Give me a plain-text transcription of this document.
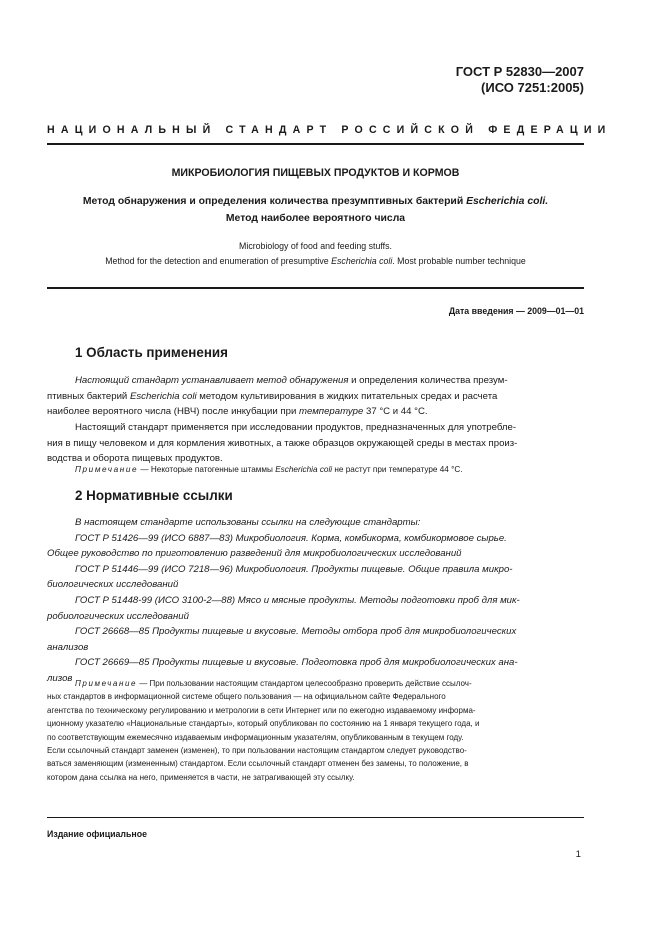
ГОСТ Р 52830—2007
(ИСО 7251:2005)
НАЦИОНАЛЬНЫЙ СТАНДАРТ РОССИЙСКОЙ ФЕДЕРАЦИИ
МИКРОБИОЛОГИЯ ПИЩЕВЫХ ПРОДУКТОВ И КОРМОВ
Метод обнаружения и определения количества презумптивных бактерий Escherichia coli.
Метод наиболее вероятного числа
Microbiology of food and feeding stuffs.
Method for the detection and enumeration of presumptive Escherichia coli. Most probable number technique
Дата введения — 2009—01—01
1 Область применения
Настоящий стандарт устанавливает метод обнаружения и определения количества презум-
птивных бактерий Escherichia coli методом культивирования в жидких питательных средах и расчета
наиболее вероятного числа (НВЧ) после инкубации при температуре 37 °С и 44 °С.
Настоящий стандарт применяется при исследовании продуктов, предназначенных для употребле-
ния в пищу человеком и для кормления животных, а также образцов окружающей среды в местах произ-
водства и оборота пищевых продуктов.
Примечание — Некоторые патогенные штаммы Escherichia coli не растут при температуре 44 °С.
2 Нормативные ссылки
В настоящем стандарте использованы ссылки на следующие стандарты:
ГОСТ Р 51426—99 (ИСО 6887—83) Микробиология. Корма, комбикорма, комбикормовое сырье.
Общее руководство по приготовлению разведений для микробиологических исследований
ГОСТ Р 51446—99 (ИСО 7218—96) Микробиология. Продукты пищевые. Общие правила микро-
биологических исследований
ГОСТ Р 51448-99 (ИСО 3100-2—88) Мясо и мясные продукты. Методы подготовки проб для мик-
робиологических исследований
ГОСТ 26668—85 Продукты пищевые и вкусовые. Методы отбора проб для микробиологических
анализов
ГОСТ 26669—85 Продукты пищевые и вкусовые. Подготовка проб для микробиологических ана-
лизов Примечание — При пользовании настоящим стандартом целесообразно проверить действие ссылоч-
ных стандартов в информационной системе общего пользования — на официальном сайте Федерального
агентства по техническому регулированию и метрологии в сети Интернет или по ежегодно издаваемому информа-
ционному указателю «Национальные стандарты», который опубликован по состоянию на 1 января текущего года, и
по соответствующим ежемесячно издаваемым информационным указателям, опубликованным в текущем году.
Если ссылочный стандарт заменен (изменен), то при пользовании настоящим стандартом следует руководство-
ваться заменяющим (измененным) стандартом. Если ссылочный стандарт отменен без замены, то положение, в
котором дана ссылка на него, применяется в части, не затрагивающей эту ссылку.
Издание официальное
1
